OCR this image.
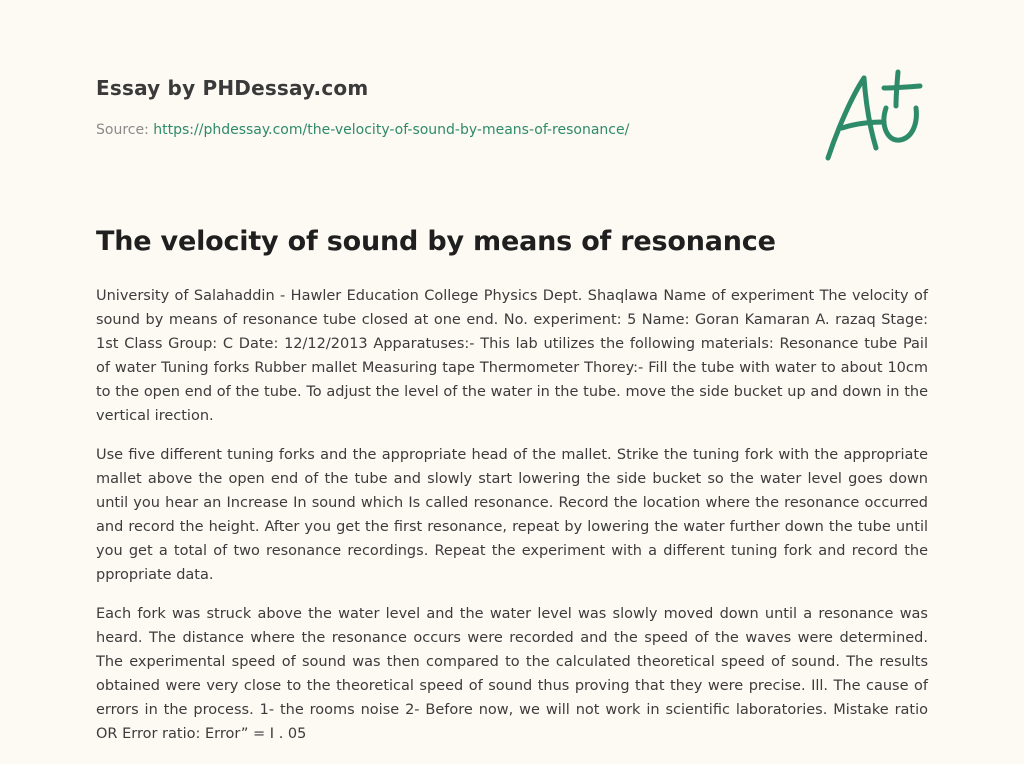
Essay by PHDessay.com
Source: https://phdessay.com/the-velocity-of-sound-by-means-of-resonance/
The velocity of sound by means of resonance

University of Salahaddin - Hawler Education College Physics Dept. Shaqlawa Name of experiment The velocity of sound by means of resonance tube closed at one end. No. experiment: 5 Name: Goran Kamaran A. razaq Stage: 1st Class Group: C Date: 12/12/2013 Apparatuses:- This lab utilizes the following materials: Resonance tube Pail of water Tuning forks Rubber mallet Measuring tape Thermometer Thorey:- Fill the tube with water to about 10cm to the open end of the tube. To adjust the level of the water in the tube. move the side bucket up and down in the vertical irection.

Use five different tuning forks and the appropriate head of the mallet. Strike the tuning fork with the appropriate mallet above the open end of the tube and slowly start lowering the side bucket so the water level goes down until you hear an Increase In sound which Is called resonance. Record the location where the resonance occurred and record the height. After you get the first resonance, repeat by lowering the water further down the tube until you get a total of two resonance recordings. Repeat the experiment with a different tuning fork and record the ppropriate data.

Each fork was struck above the water level and the water level was slowly moved down until a resonance was heard. The distance where the resonance occurs were recorded and the speed of the waves were determined. The experimental speed of sound was then compared to the calculated theoretical speed of sound. The results obtained were very close to the theoretical speed of sound thus proving that they were precise. Ill. The cause of errors in the process. 1- the rooms noise 2- Before now, we will not work in scientific laboratories. Mistake ratio OR Error ratio: Error” = I . 05
